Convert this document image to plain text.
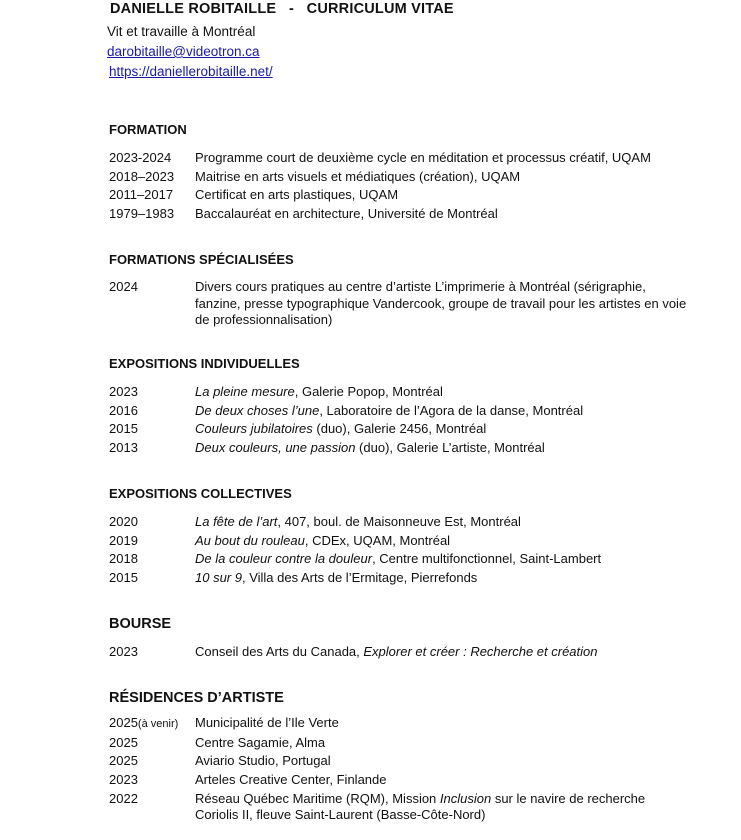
DANIELLE ROBITAILLE - CURRICULUM VITAE
Vit et travaille à Montréal
darobitaille@videotron.ca
https://daniellerobitaille.net/
FORMATION
2023-2024	Programme court de deuxième cycle en méditation et processus créatif, UQAM
2018–2023	Maitrise en arts visuels et médiatiques (création), UQAM
2011–2017	Certificat en arts plastiques, UQAM
1979–1983	Baccalauréat en architecture, Université de Montréal
FORMATIONS SPÉCIALISÉES
2024	Divers cours pratiques au centre d’artiste L’imprimerie à Montréal (sérigraphie, fanzine, presse typographique Vandercook, groupe de travail pour les artistes en voie de professionnalisation)
EXPOSITIONS INDIVIDUELLES
2023	La pleine mesure, Galerie Popop, Montréal
2016	De deux choses l’une, Laboratoire de l’Agora de la danse, Montréal
2015	Couleurs jubilatoires (duo), Galerie 2456, Montréal
2013	Deux couleurs, une passion (duo), Galerie L’artiste, Montréal
EXPOSITIONS COLLECTIVES
2020	La fête de l’art, 407, boul. de Maisonneuve Est, Montréal
2019	Au bout du rouleau, CDEx, UQAM, Montréal
2018	De la couleur contre la douleur, Centre multifonctionnel, Saint-Lambert
2015	10 sur 9, Villa des Arts de l’Ermitage, Pierrefonds
BOURSE
2023	Conseil des Arts du Canada, Explorer et créer : Recherche et création
RÉSIDENCES D’ARTISTE
2025(à venir)	Municipalité de l’Ile Verte
2025	Centre Sagamie, Alma
2025	Aviario Studio, Portugal
2023	Arteles Creative Center, Finlande
2022	Réseau Québec Maritime (RQM), Mission Inclusion sur le navire de recherche Coriolis II, fleuve Saint-Laurent (Basse-Côte-Nord)
